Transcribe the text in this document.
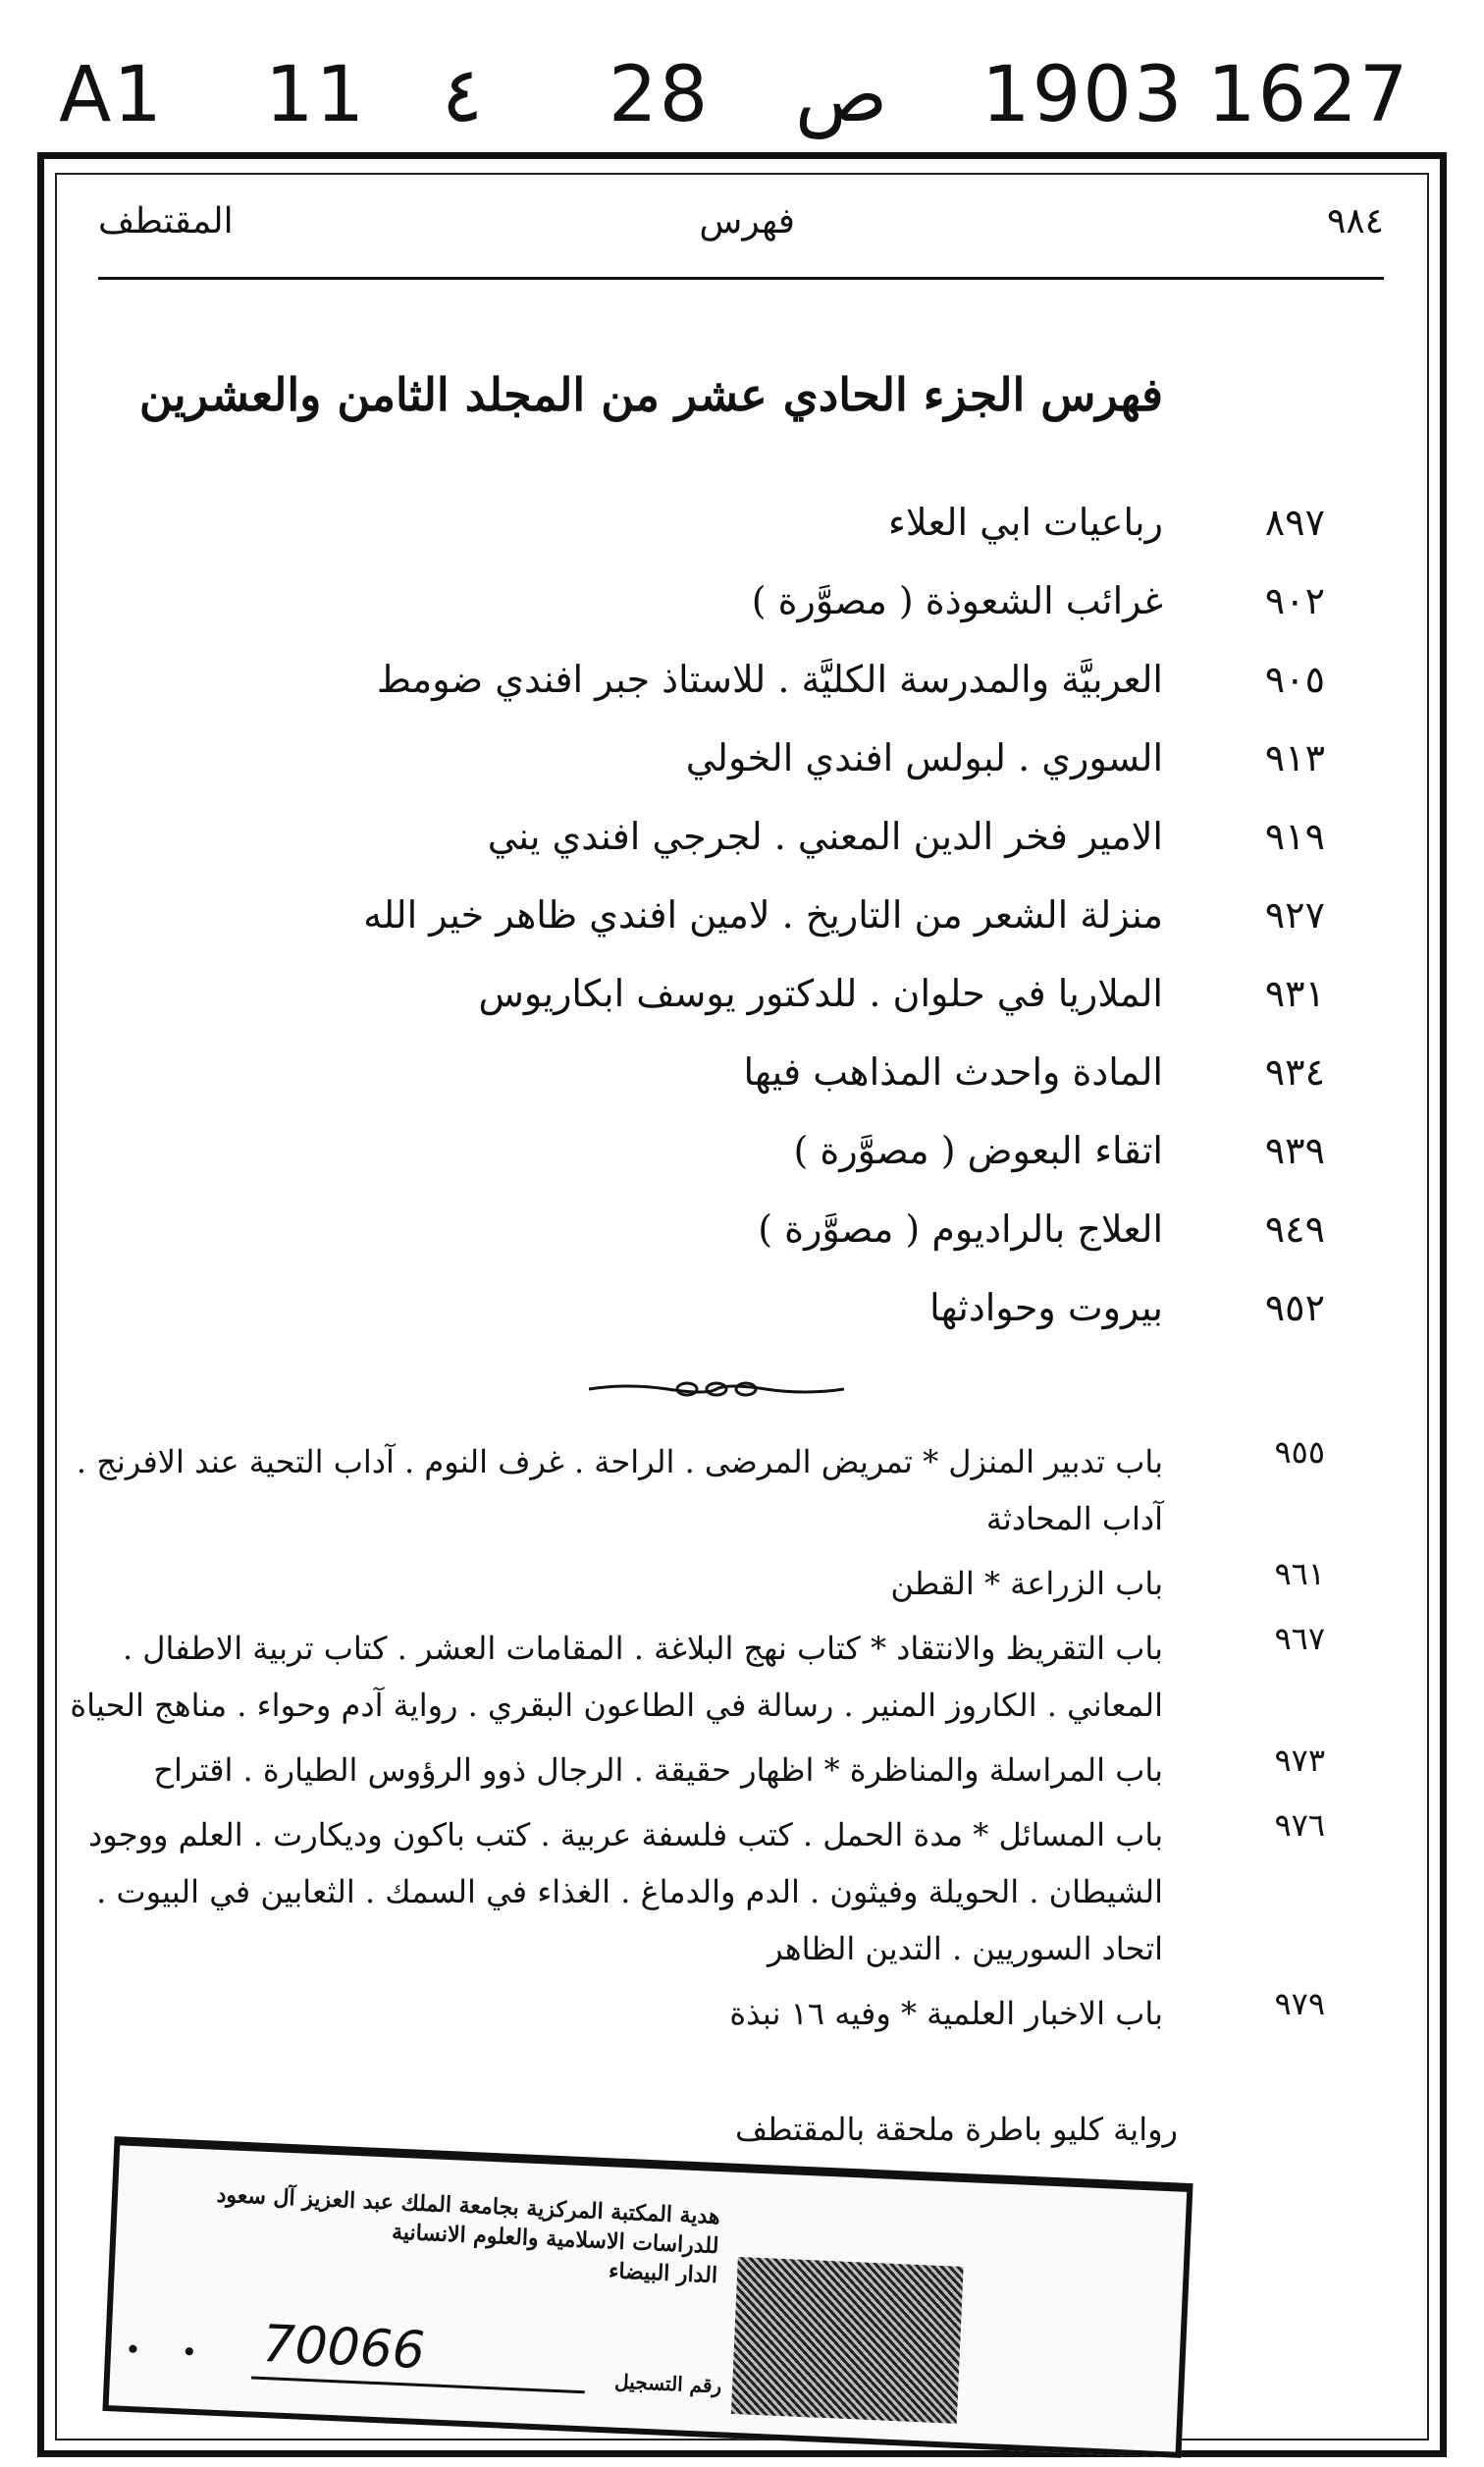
A1 11 ٤ 28 ص 1903 1627
٩٨٤
فهرس
المقتطف
فهرس الجزء الحادي عشر من المجلد الثامن والعشرين
٨٩٧
رباعيات ابي العلاء
٩٠٢
غرائب الشعوذة ( مصوَّرة )
٩٠٥
العربيَّة والمدرسة الكليَّة . للاستاذ جبر افندي ضومط
٩١٣
السوري . لبولس افندي الخولي
٩١٩
الامير فخر الدين المعني . لجرجي افندي يني
٩٢٧
منزلة الشعر من التاريخ . لامين افندي ظاهر خير الله
٩٣١
الملاريا في حلوان . للدكتور يوسف ابكاريوس
٩٣٤
المادة واحدث المذاهب فيها
٩٣٩
اتقاء البعوض ( مصوَّرة )
٩٤٩
العلاج بالراديوم ( مصوَّرة )
٩٥٢
بيروت وحوادثها
٩٥٥
باب تدبير المنزل * تمريض المرضى . الراحة . غرف النوم . آداب التحية عند الافرنج .
آداب المحادثة
٩٦١
باب الزراعة * القطن
٩٦٧
باب التقريظ والانتقاد * كتاب نهج البلاغة . المقامات العشر . كتاب تربية الاطفال .
المعاني . الكاروز المنير . رسالة في الطاعون البقري . رواية آدم وحواء . مناهج الحياة
٩٧٣
باب المراسلة والمناظرة * اظهار حقيقة . الرجال ذوو الرؤوس الطيارة . اقتراح
٩٧٦
باب المسائل * مدة الحمل . كتب فلسفة عربية . كتب باكون وديكارت . العلم ووجود
الشيطان . الحويلة وفيثون . الدم والدماغ . الغذاء في السمك . الثعابين في البيوت .
اتحاد السوريين . التدين الظاهر
٩٧٩
باب الاخبار العلمية * وفيه ١٦ نبذة
رواية كليو باطرة ملحقة بالمقتطف
هدية المكتبة المركزية بجامعة الملك عبد العزيز آل سعود
للدراسات الاسلامية والعلوم الانسانية
الدار البيضاء
70066
رقم التسجيل
• •
